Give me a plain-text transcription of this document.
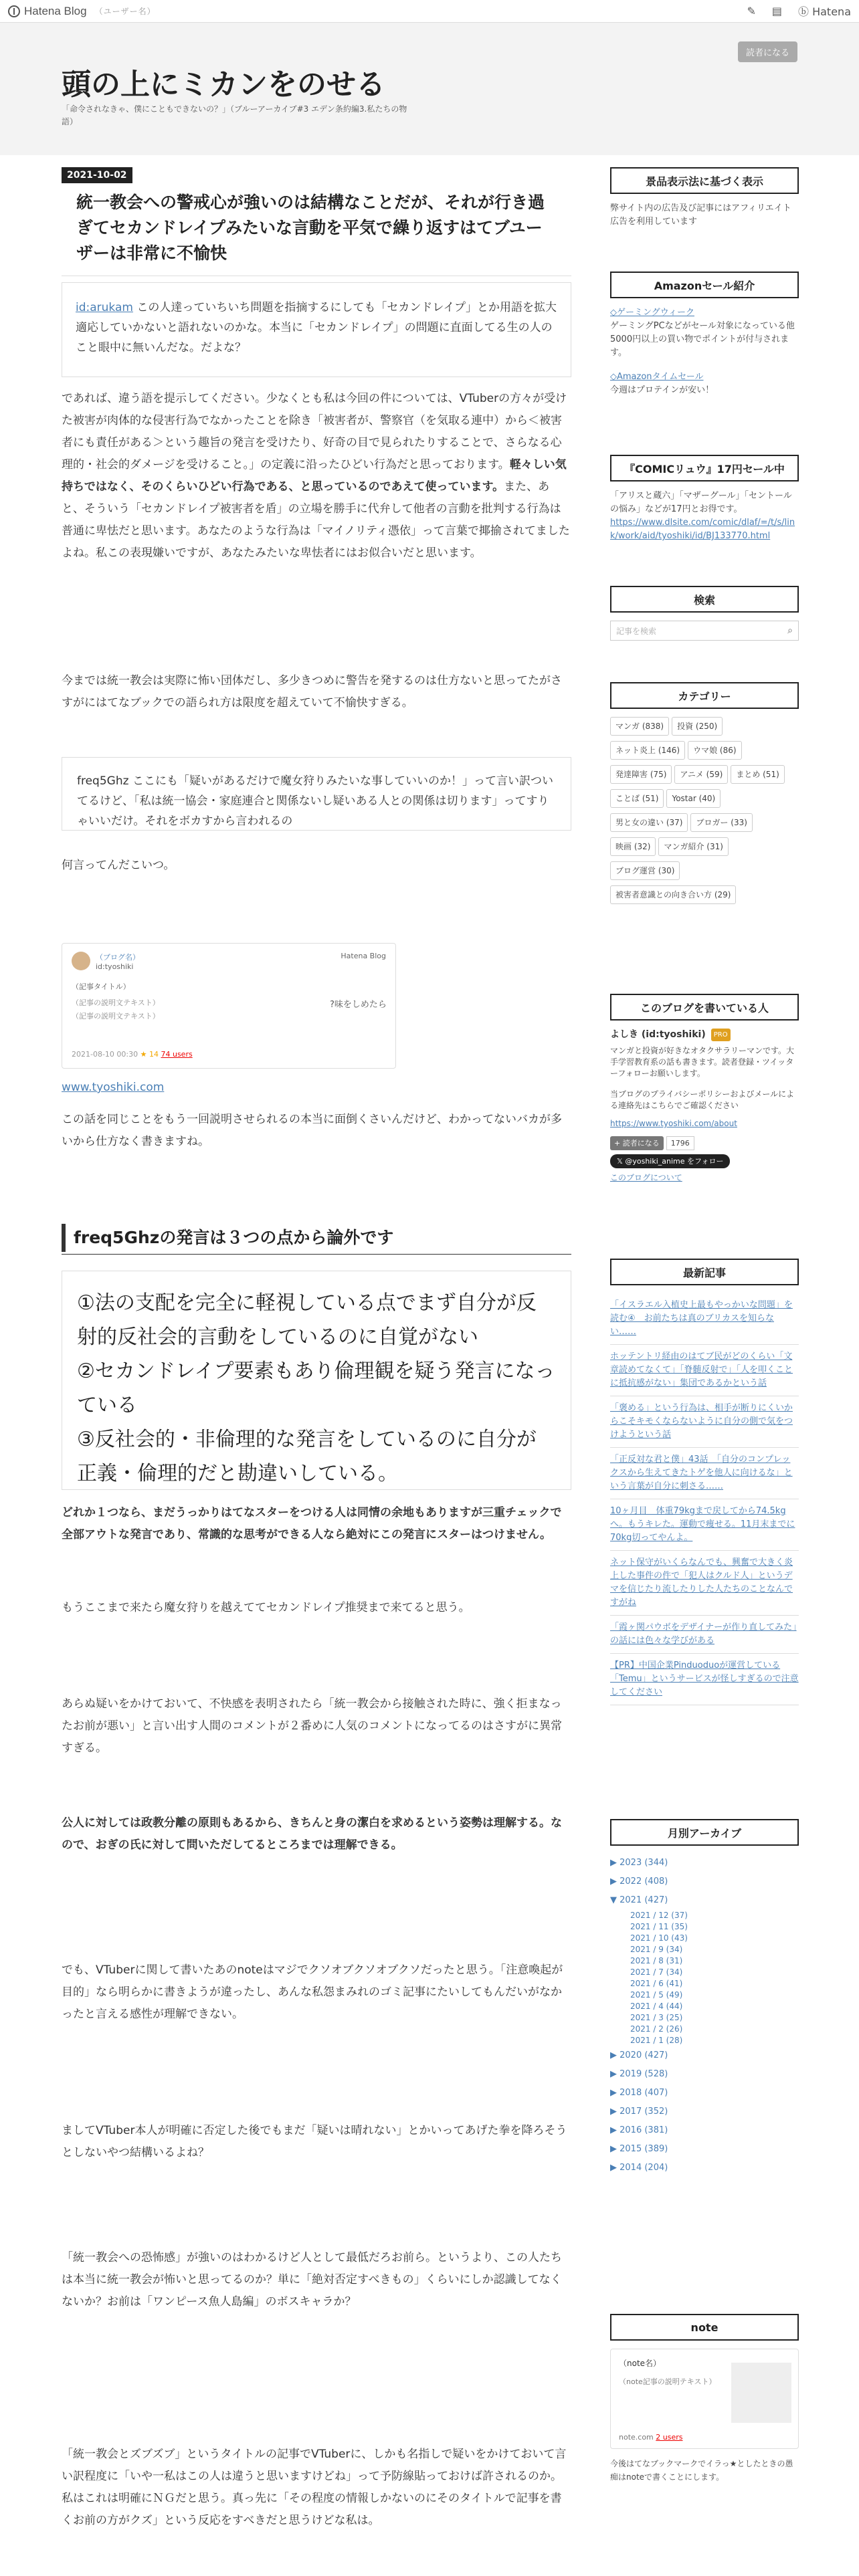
Hatena Blog （ユーザー名）	✎ ▤ ⓑ Hatena
頭の上にミカンをのせる
「命令されなきゃ、僕にこともできないの？」（ブルーアーカイブ#3 エデン条約編3.私たちの物語）
読者になる
2021-10-02
統一教会への警戒心が強いのは結構なことだが、それが行き過ぎてセカンドレイプみたいな言動を平気で繰り返すはてブユーザーは非常に不愉快
id:arukam この人達っていちいち問題を指摘するにしても「セカンドレイプ」とか用語を拡大適応していかないと語れないのかな。本当に「セカンドレイプ」の問題に直面してる生の人のこと眼中に無いんだな。だよな？
であれば、違う語を提示してください。少なくとも私は今回の件については、VTuberの方々が受けた被害が肉体的な侵害行為でなかったことを除き「被害者が、警察官（を気取る連中）から＜被害者にも責任がある＞という趣旨の発言を受けたり、好奇の目で見られたりすることで、さらなる心理的・社会的ダメージを受けること。」の定義に沿ったひどい行為だと思っております。軽々しい気持ちではなく、そのくらいひどい行為である、と思っているのであえて使っています。また、あと、そういう「セカンドレイプ被害者を盾」の立場を勝手に代弁して他者の言動を批判する行為は普通に卑怯だと思います。あなたのような行為は「マイノリティ憑依」って言葉で揶揄されてましたよね。私この表現嫌いですが、あなたみたいな卑怯者にはお似合いだと思います。
今までは統一教会は実際に怖い団体だし、多少きつめに警告を発するのは仕方ないと思ってたがさすがにはてなブックでの語られ方は限度を超えていて不愉快すぎる。
freq5Ghz ここにも「疑いがあるだけで魔女狩りみたいな事していいのか！」って言い訳ついてるけど、「私は統一協会・家庭連合と関係ないし疑いある人との関係は切ります」ってすりゃいいだけ。それをボカすから言われるの
何言ってんだこいつ。
（ブログ名）
id:tyoshiki
Hatena Blog
（記事タイトル）
（記事の説明文テキスト）
（記事の説明文テキスト）
?味をしめたら
2021-08-10 00:30 ★ 14 74 users
www.tyoshiki.com
この話を同じことをもう一回説明させられるの本当に面倒くさいんだけど、わかってないバカが多いから仕方なく書きますね。
freq5Ghzの発言は３つの点から論外です
①法の支配を完全に軽視している点でまず自分が反射的反社会的言動をしているのに自覚がない
②セカンドレイプ要素もあり倫理観を疑う発言になっている
③反社会的・非倫理的な発言をしているのに自分が正義・倫理的だと勘違いしている。
どれか１つなら、まだうっかりはてなスターをつける人は同情の余地もありますが三重チェックで全部アウトな発言であり、常識的な思考ができる人なら絶対にこの発言にスターはつけません。
もうここまで来たら魔女狩りを越えててセカンドレイプ推奨まで来てると思う。
あらぬ疑いをかけておいて、不快感を表明されたら「統一教会から接触された時に、強く拒まなったお前が悪い」と言い出す人間のコメントが２番めに人気のコメントになってるのはさすがに異常すぎる。
公人に対しては政教分離の原則もあるから、きちんと身の潔白を求めるという姿勢は理解する。なので、おぎの氏に対して問いただしてるところまでは理解できる。
でも、VTuberに関して書いたあのnoteはマジでクソオブクソオブクソだったと思う。「注意喚起が目的」なら明らかに書きようが違ったし、あんな私怨まみれのゴミ記事にたいしてもんだいがなかったと言える感性が理解できない。
ましてVTuber本人が明確に否定した後でもまだ「疑いは晴れない」とかいってあげた拳を降ろそうとしないやつ結構いるよね？
「統一教会への恐怖感」が強いのはわかるけど人として最低だろお前ら。というより、この人たちは本当に統一教会が怖いと思ってるのか？単に「絶対否定すべきもの」くらいにしか認識してなくないか？お前は「ワンピース魚人島編」のボスキャラか？
「統一教会とズブズブ」というタイトルの記事でVTuberに、しかも名指しで疑いをかけておいて言い訳程度に「いや一私はこの人は違うと思いますけどね」って予防線貼っておけば許されるのか。私はこれは明確にＮＧだと思う。真っ先に「その程度の情報しかないのにそのタイトルで記事を書くお前の方がクズ」という反応をすべきだと思うけどな私は。
景品表示法に基づく表示
弊サイト内の広告及び記事にはアフィリエイト広告を利用しています
Amazonセール紹介
◇ゲーミングウィーク
ゲーミングPCなどがセール対象になっている他
5000円以上の買い物でポイントが付与されます。
◇Amazonタイムセール
今週はプロテインが安い！
『COMICリュウ』17円セール中
「アリスと蔵六」「マザーグール」「セントールの悩み」などが17円とお得です。
https://www.dlsite.com/comic/dlaf/=/t/s/link/work/aid/tyoshiki/id/BJ133770.html
検索
記事を検索	⌕
カテゴリー
マンガ (838) 投資 (250)ネット炎上 (146) ウマ娘 (86)発達障害 (75) アニメ (59) まとめ (51)ことば (51) Yostar (40)男と女の違い (37) ブロガー (33)映画 (32) マンガ紹介 (31)ブログ運営 (30)被害者意識との向き合い方 (29)
このブログを書いている人
よしき (id:tyoshiki)	PRO
マンガと投資が好きなオタクサラリーマンです。大手学習教育系の話も書きます。読者登録・ツイッターフォローお願いします。
当ブログのプライバシーポリシーおよびメールによる連絡先はこちらでご確認ください
https://www.tyoshiki.com/about
+ 読者になる	1796
𝕏 @yoshiki_anime をフォロー
このブログについて
最新記事
「イスラエル入植史上最もやっかいな問題」を読む④　お前たちは真のブリカスを知らない……
ホッテントリ経由のはてブ民がどのくらい「文章読めてなくて」「脊髄反射で」「人を叩くことに抵抗感がない」集団であるかという話
「褒める」という行為は、相手が断りにくいからこそキモくならないように自分の側で気をつけようという話
「正反対な君と僕」43話　「自分のコンプレックスから生えてきたトゲを他人に向けるな」という言葉が自分に刺さる……
10ヶ月目　体重79kgまで戻してから74.5kgへ。もうキレた。運動で痩せる。11月末までに70kg切ってやんよ。
ネット保守がいくらなんでも、興奮で大きく炎上した事件の件で「犯人はクルド人」というデマを信じたり流したりした人たちのことなんですがね
「霞ヶ関パウボをデザイナーが作り直してみた」の話には色々な学びがある
【PR】中国企業Pinduoduoが運営している「Temu」というサービスが怪しすぎるので注意してください
月別アーカイブ
▶ 2023 (344)
▶ 2022 (408)
▼ 2021 (427)
2021 / 12 (37)
2021 / 11 (35)
2021 / 10 (43)
2021 / 9 (34)
2021 / 8 (31)
2021 / 7 (34)
2021 / 6 (41)
2021 / 5 (49)
2021 / 4 (44)
2021 / 3 (25)
2021 / 2 (26)
2021 / 1 (28)
▶ 2020 (427)
▶ 2019 (528)
▶ 2018 (407)
▶ 2017 (352)
▶ 2016 (381)
▶ 2015 (389)
▶ 2014 (204)
note
（note名）
（note記事の説明テキスト）
note.com 2 users
今後はてなブックマークでイラっ★としたときの愚痴はnoteで書くことにします。
